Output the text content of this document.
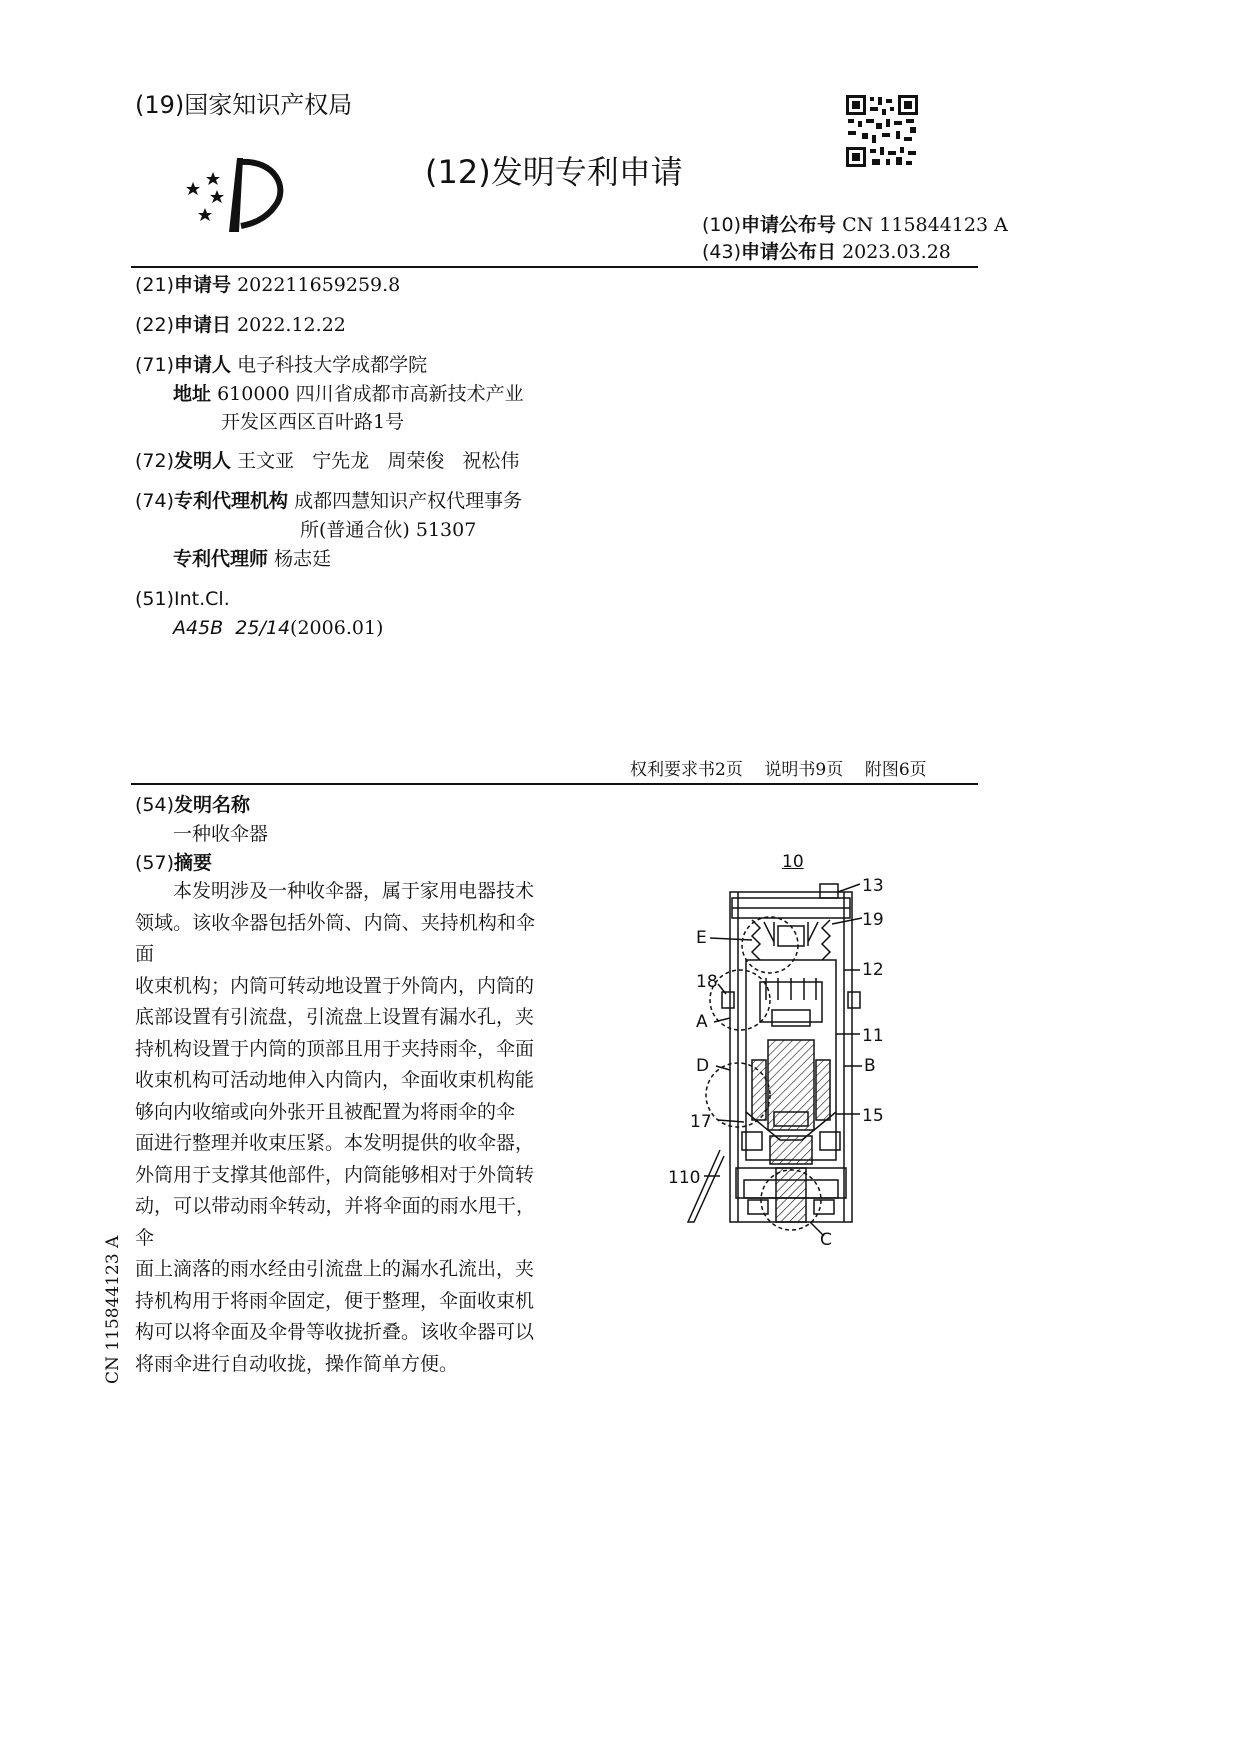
(19)国家知识产权局
(12)发明专利申请
(10)申请公布号 CN 115844123 A
(43)申请公布日 2023.03.28
(21)申请号 202211659259.8
(22)申请日 2022.12.22
(71)申请人 电子科技大学成都学院
地址 610000 四川省成都市高新技术产业
开发区西区百叶路1号
(72)发明人 王文亚   宁先龙   周荣俊   祝松伟
(74)专利代理机构 成都四慧知识产权代理事务
所(普通合伙) 51307
专利代理师 杨志廷
(51)Int.Cl.
A45B  25/14(2006.01)
权利要求书2页    说明书9页    附图6页
(54)发明名称
一种收伞器
(57)摘要
本发明涉及一种收伞器，属于家用电器技术
领域。该收伞器包括外筒、内筒、夹持机构和伞面
收束机构；内筒可转动地设置于外筒内，内筒的
底部设置有引流盘，引流盘上设置有漏水孔，夹
持机构设置于内筒的顶部且用于夹持雨伞，伞面
收束机构可活动地伸入内筒内，伞面收束机构能
够向内收缩或向外张开且被配置为将雨伞的伞
面进行整理并收束压紧。本发明提供的收伞器，
外筒用于支撑其他部件，内筒能够相对于外筒转
动，可以带动雨伞转动，并将伞面的雨水甩干，伞
面上滴落的雨水经由引流盘上的漏水孔流出，夹
持机构用于将雨伞固定，便于整理，伞面收束机
构可以将伞面及伞骨等收拢折叠。该收伞器可以
将雨伞进行自动收拢，操作简单方便。
CN 115844123 A
10
13
19
E
12
18
A
11
D	B
17	15
110
C
